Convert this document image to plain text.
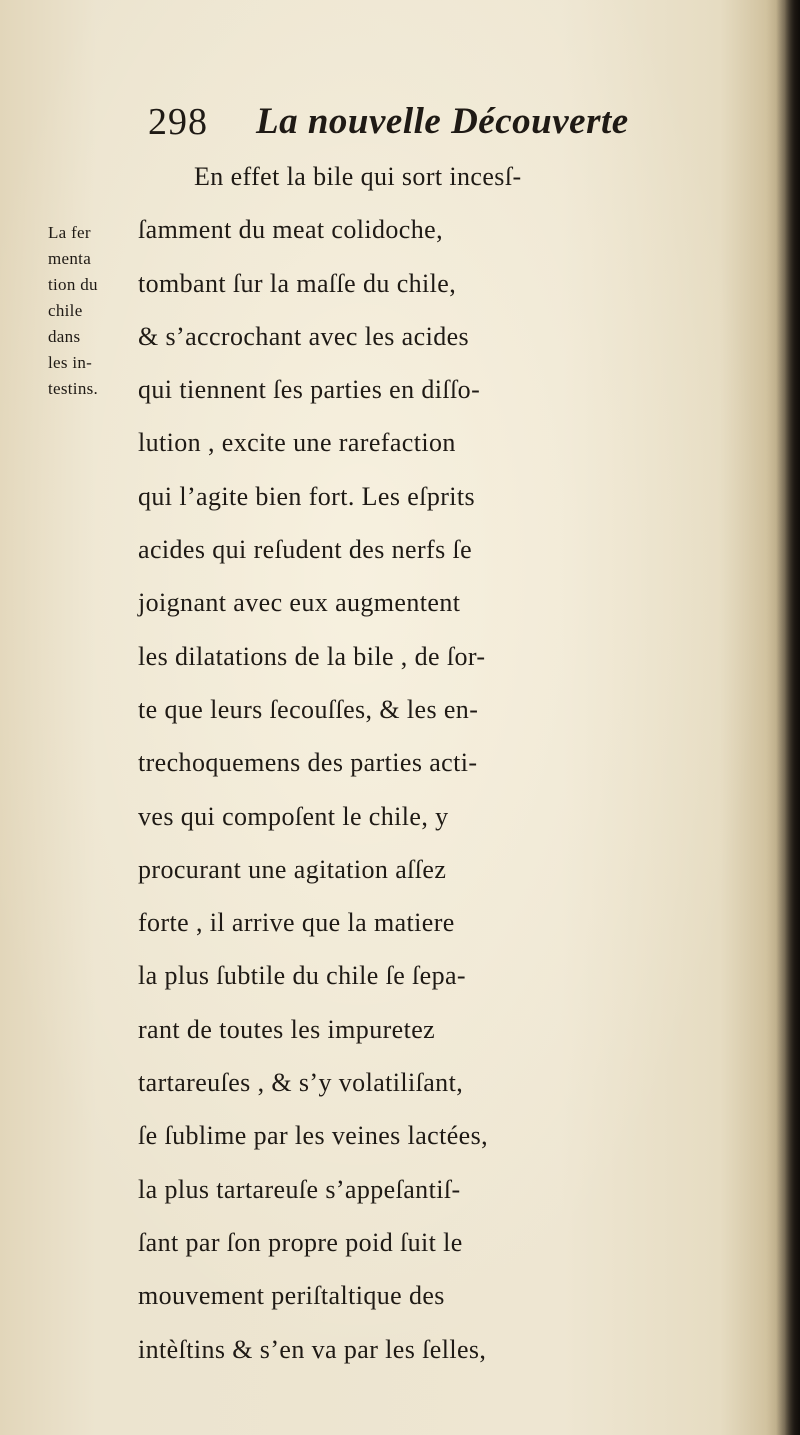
298 La nouvelle Découverte
La fer
menta
tion du
chile
dans
les in-
testins.
En effet la bile qui sort incesſ-
ſamment du meat colidoche,
tombant ſur la maſſe du chile,
& s’accrochant avec les acides
qui tiennent ſes parties en diſſo-
lution , excite une rarefaction
qui l’agite bien fort. Les eſprits
acides qui reſudent des nerfs ſe
joignant avec eux augmentent
les dilatations de la bile , de ſor-
te que leurs ſecouſſes, & les en-
trechoquemens des parties acti-
ves qui compoſent le chile, y
procurant une agitation aſſez
forte , il arrive que la matiere
la plus ſubtile du chile ſe ſepa-
rant de toutes les impuretez
tartareuſes , & s’y volatiliſant,
ſe ſublime par les veines lactées,
la plus tartareuſe s’appeſantiſ-
ſant par ſon propre poid ſuit le
mouvement periſtaltique des
intèſtins & s’en va par les ſelles,
